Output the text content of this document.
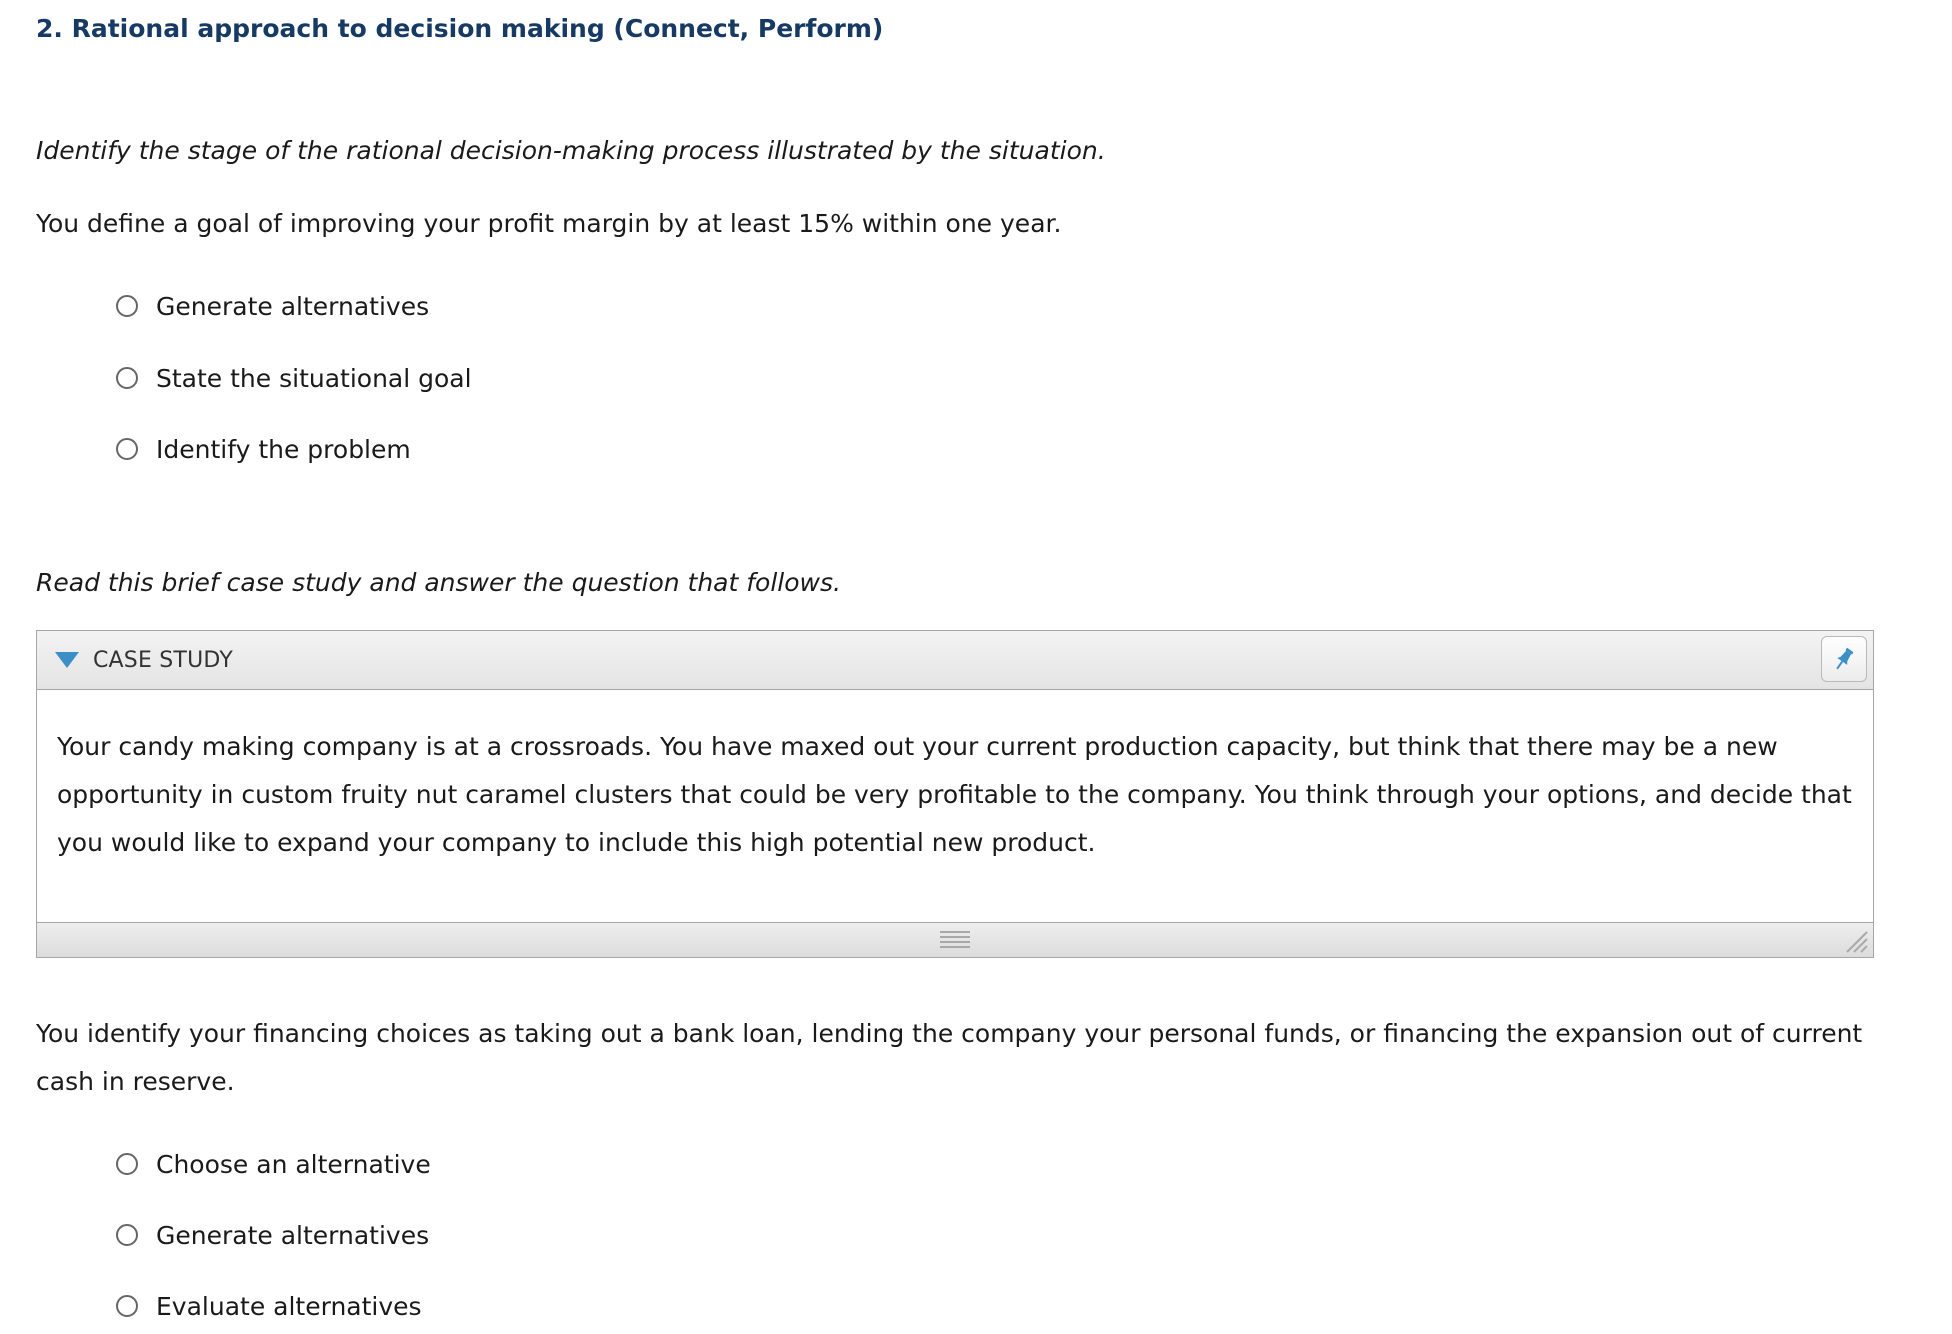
2. Rational approach to decision making (Connect, Perform)
Identify the stage of the rational decision-making process illustrated by the situation.
You define a goal of improving your profit margin by at least 15% within one year.
Generate alternatives
State the situational goal
Identify the problem
Read this brief case study and answer the question that follows.
CASE STUDY
Your candy making company is at a crossroads. You have maxed out your current production capacity, but think that there may be a new opportunity in custom fruity nut caramel clusters that could be very profitable to the company. You think through your options, and decide that you would like to expand your company to include this high potential new product.
You identify your financing choices as taking out a bank loan, lending the company your personal funds, or financing the expansion out of current cash in reserve.
Choose an alternative
Generate alternatives
Evaluate alternatives
